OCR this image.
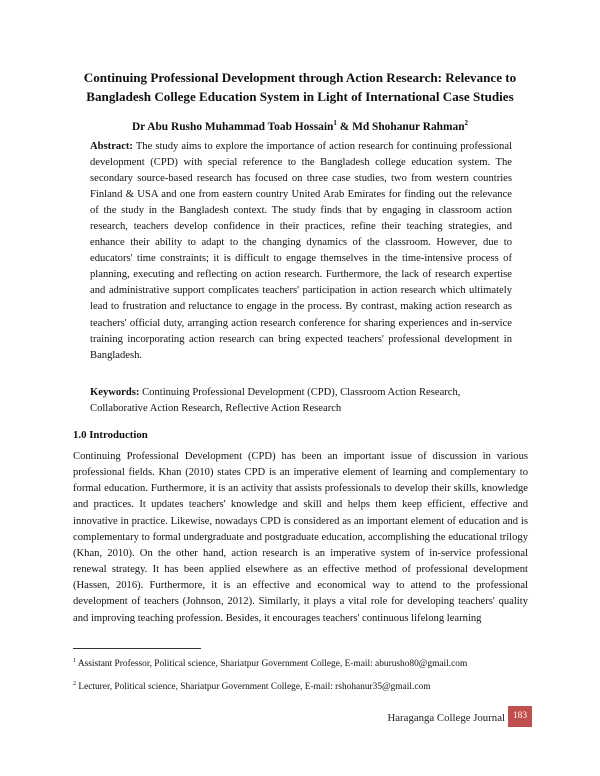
Continuing Professional Development through Action Research: Relevance to Bangladesh College Education System in Light of International Case Studies
Dr Abu Rusho Muhammad Toab Hossain$^1$ & Md Shohanur Rahman$^2$
Abstract: The study aims to explore the importance of action research for continuing professional development (CPD) with special reference to the Bangladesh college education system. The secondary source-based research has focused on three case studies, two from western countries Finland & USA and one from eastern country United Arab Emirates for finding out the relevance of the study in the Bangladesh context. The study finds that by engaging in classroom action research, teachers develop confidence in their practices, refine their teaching strategies, and enhance their ability to adapt to the changing dynamics of the classroom. However, due to educators' time constraints; it is difficult to engage themselves in the time-intensive process of planning, executing and reflecting on action research. Furthermore, the lack of research expertise and administrative support complicates teachers' participation in action research which ultimately lead to frustration and reluctance to engage in the process. By contrast, making action research as teachers' official duty, arranging action research conference for sharing experiences and in-service training incorporating action research can bring expected teachers' professional development in Bangladesh.
Keywords: Continuing Professional Development (CPD), Classroom Action Research, Collaborative Action Research, Reflective Action Research
1.0 Introduction
Continuing Professional Development (CPD) has been an important issue of discussion in various professional fields. Khan (2010) states CPD is an imperative element of learning and complementary to formal education. Furthermore, it is an activity that assists professionals to develop their skills, knowledge and practices. It updates teachers' knowledge and skill and helps them keep efficient, effective and innovative in practice. Likewise, nowadays CPD is considered as an important element of education and is complementary to formal undergraduate and postgraduate education, accomplishing the educational trilogy (Khan, 2010). On the other hand, action research is an imperative system of in-service professional renewal strategy. It has been applied elsewhere as an effective method of professional development (Hassen, 2016). Furthermore, it is an effective and economical way to attend to the professional development of teachers (Johnson, 2012). Similarly, it plays a vital role for developing teachers' quality and improving teaching profession. Besides, it encourages teachers' continuous lifelong learning
$^1$ Assistant Professor, Political science, Shariatpur Government College, E-mail: aburusho80@gmail.com
$^2$ Lecturer, Political science, Shariatpur Government College, E-mail: rshohanur35@gmail.com
Haraganga College Journal 183
